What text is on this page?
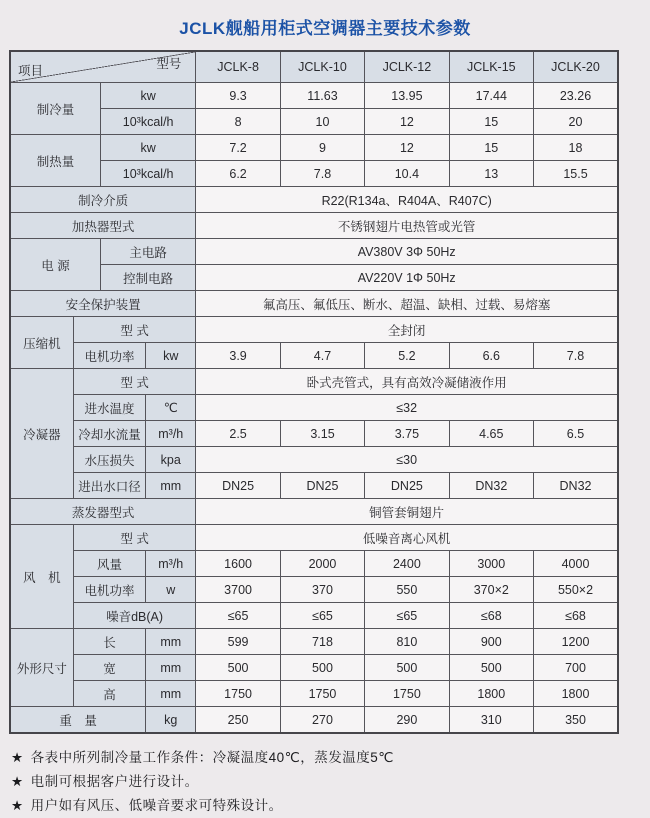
JCLK舰船用柜式空调器主要技术参数
型号
项目				JCLK-8	JCLK-10	JCLK-12	JCLK-15	JCLK-20
制冷量		kw		9.3	11.63	13.95	17.44	23.26
		10³kcal/h		8	10	12	15	20
制热量		kw		7.2	9	12	15	18
		10³kcal/h		6.2	7.8	10.4	13	15.5
制冷介质				R22(R134a、R404A、R407C)				
加热器型式				不锈钢翅片电热管或光管				
电 源		主电路		AV380V 3Φ 50Hz				
		控制电路		AV220V 1Φ 50Hz				
安全保护装置				氟高压、氟低压、断水、超温、缺相、过载、易熔塞				
压缩机	型 式			全封闭				
	电机功率		kw	3.9	4.7	5.2	6.6	7.8
冷凝器	型 式			卧式壳管式，具有高效冷凝储液作用				
	进水温度		℃	≤32				
	冷却水流量		m³/h	2.5	3.15	3.75	4.65	6.5
	水压损失		kpa	≤30				
	进出水口径		mm	DN25	DN25	DN25	DN32	DN32
蒸发器型式				铜管套铜翅片				
风　机	型 式			低噪音离心风机				
	风量		m³/h	1600	2000	2400	3000	4000
	电机功率		w	3700	370	550	370×2	550×2
	噪音dB(A)			≤65	≤65	≤65	≤68	≤68
外形尺寸	长		mm	599	718	810	900	1200
	宽		mm	500	500	500	500	700
	高		mm	1750	1750	1750	1800	1800
重　量			kg	250	270	290	310	350
★ 各表中所列制冷量工作条件：冷凝温度40℃，蒸发温度5℃
★ 电制可根据客户进行设计。
★ 用户如有风压、低噪音要求可特殊设计。
